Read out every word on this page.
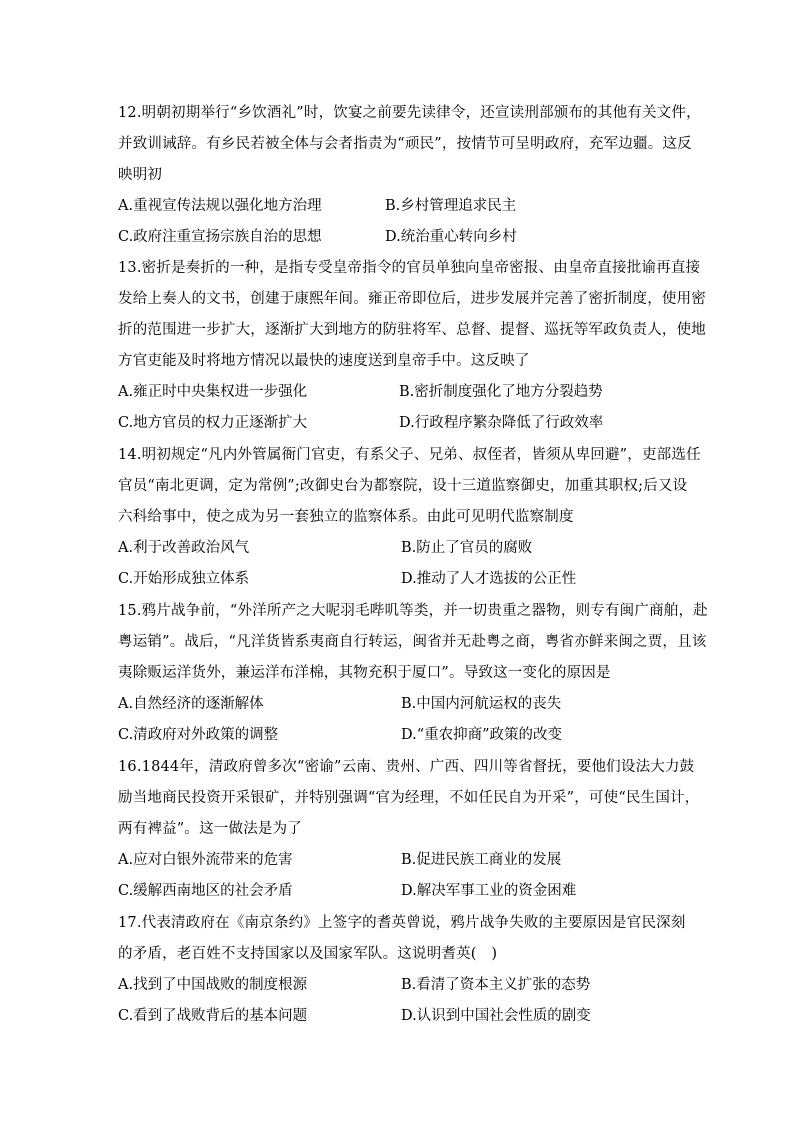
12.明朝初期举行“乡饮酒礼”时，饮宴之前要先读律令，还宣读刑部颁布的其他有关文件，
并致训诫辞。有乡民若被全体与会者指责为“顽民”，按情节可呈明政府，充军边疆。这反
映明初
A.重视宣传法规以强化地方治理	B.乡村管理追求民主
C.政府注重宣扬宗族自治的思想	D.统治重心转向乡村
13.密折是奏折的一种，是指专受皇帝指令的官员单独向皇帝密报、由皇帝直接批谕再直接
发给上奏人的文书，创建于康熙年间。雍正帝即位后，进步发展并完善了密折制度，使用密
折的范围进一步扩大，逐渐扩大到地方的防驻将军、总督、提督、巡抚等军政负责人，使地
方官吏能及时将地方情况以最快的速度送到皇帝手中。这反映了
A.雍正时中央集权进一步强化	B.密折制度强化了地方分裂趋势
C.地方官员的权力正逐渐扩大	D.行政程序繁杂降低了行政效率
14.明初规定“凡内外管属衙门官吏，有系父子、兄弟、叔侄者，皆须从卑回避”，吏部选任
官员“南北更调，定为常例”;改御史台为都察院，设十三道监察御史，加重其职权;后又设
六科给事中，使之成为另一套独立的监察体系。由此可见明代监察制度
A.利于改善政治风气	B.防止了官员的腐败
C.开始形成独立体系	D.推动了人才选拔的公正性
15.鸦片战争前，“外洋所产之大呢羽毛哔叽等类，并一切贵重之器物，则专有闽广商舶，赴
粤运销”。战后，“凡洋货皆系夷商自行转运，闽省并无赴粤之商，粤省亦鲜来闽之贾，且该
夷除贩运洋货外，兼运洋布洋棉，其物充积于厦口”。导致这一变化的原因是
A.自然经济的逐渐解体	B.中国内河航运权的丧失
C.清政府对外政策的调整	D.“重农抑商”政策的改变
16.1844年，清政府曾多次“密谕”云南、贵州、广西、四川等省督抚，要他们设法大力鼓
励当地商民投资开采银矿，并特别强调“官为经理，不如任民自为开采”，可使“民生国计，
两有裨益”。这一做法是为了
A.应对白银外流带来的危害	B.促进民族工商业的发展
C.缓解西南地区的社会矛盾	D.解决军事工业的资金困难
17.代表清政府在《南京条约》上签字的耆英曾说，鸦片战争失败的主要原因是官民深刻
的矛盾，老百姓不支持国家以及国家军队。这说明耆英(　)
A.找到了中国战败的制度根源	B.看清了资本主义扩张的态势
C.看到了战败背后的基本问题	D.认识到中国社会性质的剧变
